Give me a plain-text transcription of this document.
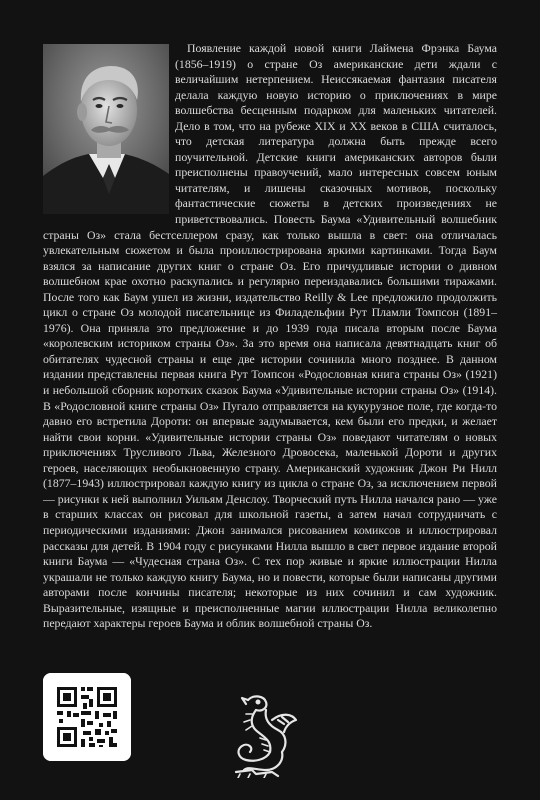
Появление каждой новой книги Лаймена Фрэнка Баума (1856–1919) о стране Оз американские дети ждали с величайшим нетерпением. Неиссякаемая фантазия писателя делала каждую новую историю о приключениях в мире волшебства бесценным подарком для маленьких читателей. Дело в том, что на рубеже XIX и XX веков в США считалось, что детская литература должна быть прежде всего поучительной. Детские книги американских авторов были преисполнены правоучений, мало интересных совсем юным читателям, и лишены сказочных мотивов, поскольку фантастические сюжеты в детских произведениях не приветствовались. Повесть Баума «Удивительный волшебник страны Оз» стала бестселлером сразу, как только вышла в свет: она отличалась увлекательным сюжетом и была проиллюстрирована яркими картинками. Тогда Баум взялся за написание других книг о стране Оз. Его причудливые истории о дивном волшебном крае охотно раскупались и регулярно переиздавались большими тиражами. После того как Баум ушел из жизни, издательство Reilly & Lee предложило продолжить цикл о стране Оз молодой писательнице из Филадельфии Рут Пламли Томпсон (1891–1976). Она приняла это предложение и до 1939 года писала вторым после Баума «королевским историком страны Оз». За это время она написала девятнадцать книг об обитателях чудесной страны и еще две истории сочинила много позднее. В данном издании представлены первая книга Рут Томпсон «Родословная книга страны Оз» (1921) и небольшой сборник коротких сказок Баума «Удивительные истории страны Оз» (1914). В «Родословной книге страны Оз» Пугало отправляется на кукурузное поле, где когда-то давно его встретила Дороти: он впервые задумывается, кем были его предки, и желает найти свои корни. «Удивительные истории страны Оз» поведают читателям о новых приключениях Трусливого Льва, Железного Дровосека, маленькой Дороти и других героев, населяющих необыкновенную страну. Американский художник Джон Ри Нилл (1877–1943) иллюстрировал каждую книгу из цикла о стране Оз, за исключением первой — рисунки к ней выполнил Уильям Денслоу. Творческий путь Нилла начался рано — уже в старших классах он рисовал для школьной газеты, а затем начал сотрудничать с периодическими изданиями: Джон занимался рисованием комиксов и иллюстрировал рассказы для детей. В 1904 году с рисунками Нилла вышло в свет первое издание второй книги Баума — «Чудесная страна Оз». С тех пор живые и яркие иллюстрации Нилла украшали не только каждую книгу Баума, но и повести, которые были написаны другими авторами после кончины писателя; некоторые из них сочинил и сам художник. Выразительные, изящные и преисполненные магии иллюстрации Нилла великолепно передают характеры героев Баума и облик волшебной страны Оз.
